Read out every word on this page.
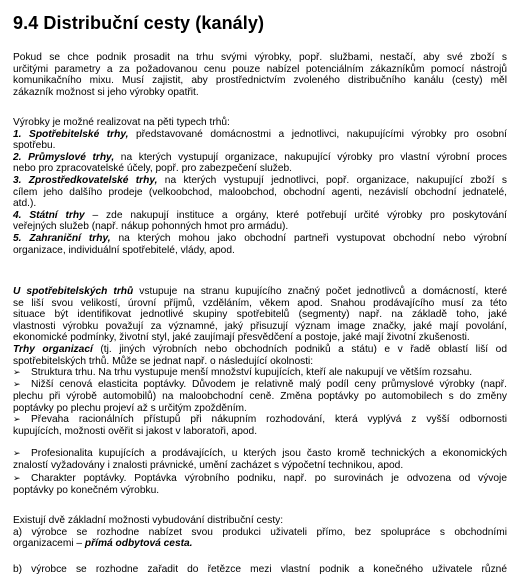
9.4 Distribuční cesty (kanály)
Pokud se chce podnik prosadit na trhu svými výrobky, popř. službami, nestačí, aby své zboží s
určitými parametry a za požadovanou cenu pouze nabízel potenciálním zákazníkům pomocí nástrojů
komunikačního mixu. Musí zajistit, aby prostřednictvím zvoleného distribučního kanálu (cesty) měl
zákazník možnost si jeho výrobky opatřit.
Výrobky je možné realizovat na pěti typech trhů:
1. Spotřebitelské trhy, představované domácnostmi a jednotlivci, nakupujícími výrobky pro osobní
spotřebu.
2. Průmyslové trhy, na kterých vystupují organizace, nakupující výrobky pro vlastní výrobní proces
nebo pro zpracovatelské účely, popř. pro zabezpečení služeb.
3. Zprostředkovatelské trhy, na kterých vystupují jednotlivci, popř. organizace, nakupující zboží s
cílem jeho dalšího prodeje (velkoobchod, maloobchod, obchodní agenti, nezávislí obchodní jednatelé,
atd.).
4. Státní trhy – zde nakupují instituce a orgány, které potřebují určité výrobky pro poskytování
veřejných služeb (např. nákup pohonných hmot pro armádu).
5. Zahraniční trhy, na kterých mohou jako obchodní partneři vystupovat obchodní nebo výrobní
organizace, individuální spotřebitelé, vlády, apod.
U spotřebitelských trhů vstupuje na stranu kupujícího značný počet jednotlivců a domácností, které
se liší svou velikostí, úrovní příjmů, vzděláním, věkem apod. Snahou prodávajícího musí za této
situace být identifikovat jednotlivé skupiny spotřebitelů (segmenty) např. na základě toho, jaké
vlastnosti výrobku považují za významné, jaký přisuzují význam image značky, jaké mají povolání,
ekonomické podmínky, životní styl, jaké zaujímají přesvědčení a postoje, jaké mají životní zkušenosti.
Trhy organizací (tj. jiných výrobních nebo obchodních podniků a státu) e v řadě oblastí liší od
spotřebitelských trhů. Může se jednat např. o následující okolnosti:
➢	Struktura trhu. Na trhu vystupuje menší množství kupujících, kteří ale nakupují ve větším rozsahu.
➢	Nižší cenová elasticita poptávky. Důvodem je relativně malý podíl ceny průmyslové výrobky (např.
plechu při výrobě automobilů) na maloobchodní ceně. Změna poptávky po automobilech s do změny
poptávky po plechu projeví až s určitým zpožděním.
➢	Převaha racionálních přístupů při nákupním rozhodování, která vyplývá z vyšší odbornosti
kupujících, možnosti ověřit si jakost v laboratoři, apod.
➢	Profesionalita kupujících a prodávajících, u kterých jsou často kromě technických a ekonomických
znalostí vyžadovány i znalosti právnické, umění zacházet s výpočetní technikou, apod.
➢	Charakter poptávky. Poptávka výrobního podniku, např. po surovinách je odvozena od vývoje
poptávky po konečném výrobku.
Existují dvě základní možnosti vybudování distribuční cesty:
a) výrobce se rozhodne nabízet svou produkci uživateli přímo, bez spolupráce s obchodními
organizacemi – přímá odbytová cesta.
b) výrobce se rozhodne zařadit do řetězce mezi vlastní podnik a konečného uživatele různé
